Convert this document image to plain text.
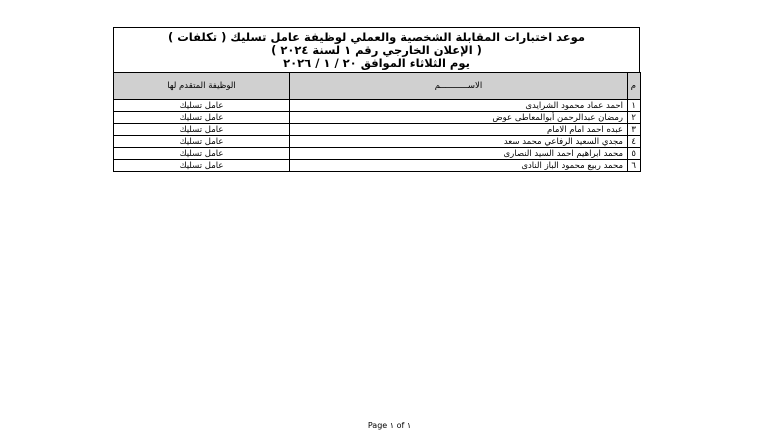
موعد اختبارات المقابلة الشخصية والعملي لوظيفة عامل تسليك ( تكلفات )
( الإعلان الخارجي رقم ١ لسنة ٢٠٢٤ )
يوم الثلاثاء الموافق ٢٠ / ١ / ٢٠٢٦
م	الاســـــــــــم	الوظيفة المتقدم لها
١	احمد عماد محمود الشرايدى	عامل تسليك
٢	رمضان عبدالرحمن أبوالمعاطى عوض	عامل تسليك
٣	عبده احمد امام الامام	عامل تسليك
٤	مجدي السعيد الرفاعي محمد سعد	عامل تسليك
٥	محمد ابراهيم احمد السيد النصارى	عامل تسليك
٦	محمد ربيع محمود الباز النادى	عامل تسليك
Page ١ of ١
